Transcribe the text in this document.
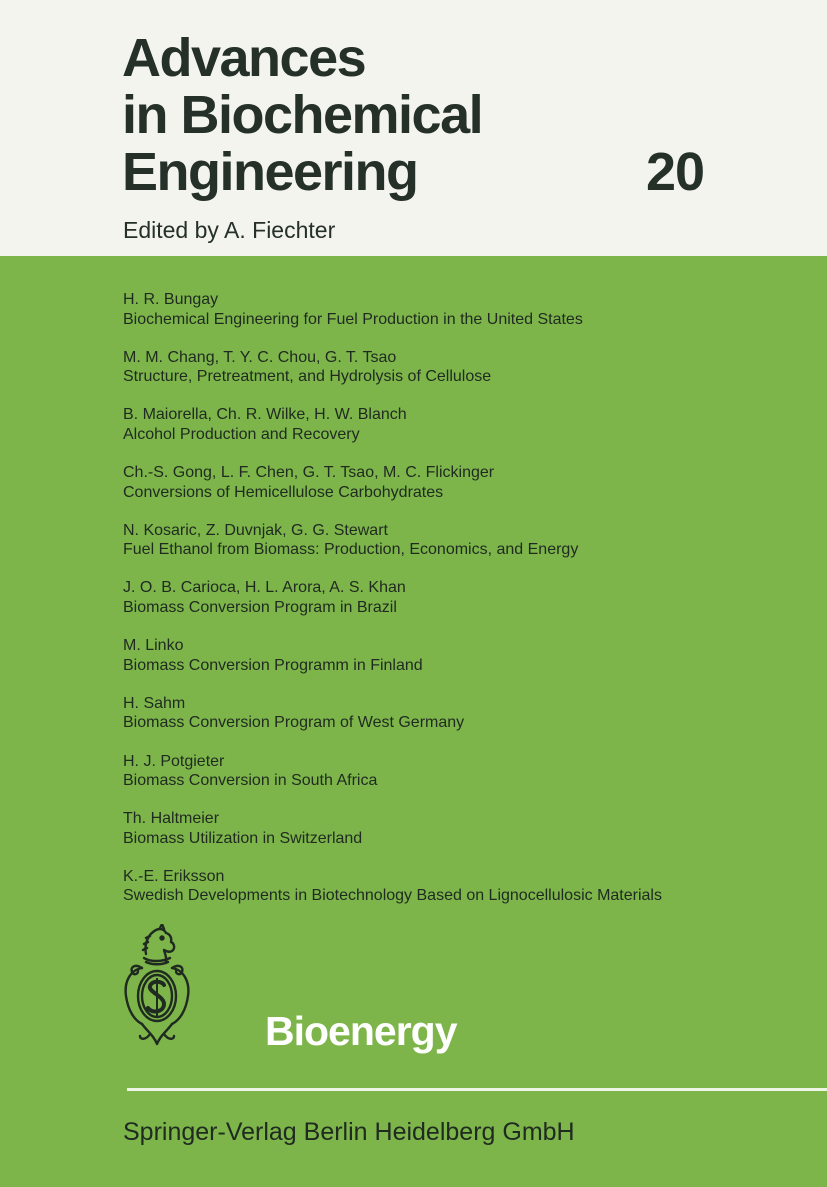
Advances
in Biochemical
Engineering	20
Edited by A. Fiechter
H. R. Bungay
Biochemical Engineering for Fuel Production in the United States
M. M. Chang, T. Y. C. Chou, G. T. Tsao
Structure, Pretreatment, and Hydrolysis of Cellulose
B. Maiorella, Ch. R. Wilke, H. W. Blanch
Alcohol Production and Recovery
Ch.-S. Gong, L. F. Chen, G. T. Tsao, M. C. Flickinger
Conversions of Hemicellulose Carbohydrates
N. Kosaric, Z. Duvnjak, G. G. Stewart
Fuel Ethanol from Biomass: Production, Economics, and Energy
J. O. B. Carioca, H. L. Arora, A. S. Khan
Biomass Conversion Program in Brazil
M. Linko
Biomass Conversion Programm in Finland
H. Sahm
Biomass Conversion Program of West Germany
H. J. Potgieter
Biomass Conversion in South Africa
Th. Haltmeier
Biomass Utilization in Switzerland
K.-E. Eriksson
Swedish Developments in Biotechnology Based on Lignocellulosic Materials
Bioenergy
Springer-Verlag Berlin Heidelberg GmbH
